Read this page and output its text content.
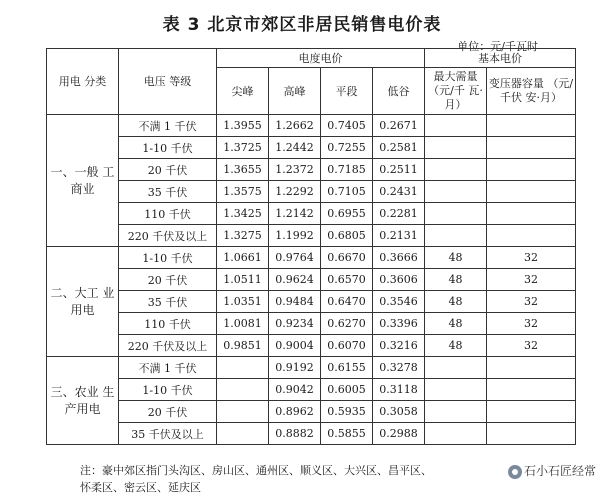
表 3 北京市郊区非居民销售电价表
单位：元/千瓦时
用电 分类	电压 等级	电度电价				基本电价	
		尖峰	高峰	平段	低谷	最大需量 （元/千 瓦·月）	变压器容量 （元/千伏 安·月）
一、一般 工商业	不满 1 千伏	1.3955	1.2662	0.7405	0.2671		
	1-10 千伏	1.3725	1.2442	0.7255	0.2581		
	20 千伏	1.3655	1.2372	0.7185	0.2511		
	35 千伏	1.3575	1.2292	0.7105	0.2431		
	110 千伏	1.3425	1.2142	0.6955	0.2281		
	220 千伏及以上	1.3275	1.1992	0.6805	0.2131		
二、大工 业用电	1-10 千伏	1.0661	0.9764	0.6670	0.3666	48	32
	20 千伏	1.0511	0.9624	0.6570	0.3606	48	32
	35 千伏	1.0351	0.9484	0.6470	0.3546	48	32
	110 千伏	1.0081	0.9234	0.6270	0.3396	48	32
	220 千伏及以上	0.9851	0.9004	0.6070	0.3216	48	32
三、农业 生产用电	不满 1 千伏		0.9192	0.6155	0.3278		
	1-10 千伏		0.9042	0.6005	0.3118		
	20 千伏		0.8962	0.5935	0.3058		
	35 千伏及以上		0.8882	0.5855	0.2988		
注：豪中郊区指门头沟区、房山区、通州区、顺义区、大兴区、昌平区、
怀柔区、密云区、延庆区
石小石匠经常
